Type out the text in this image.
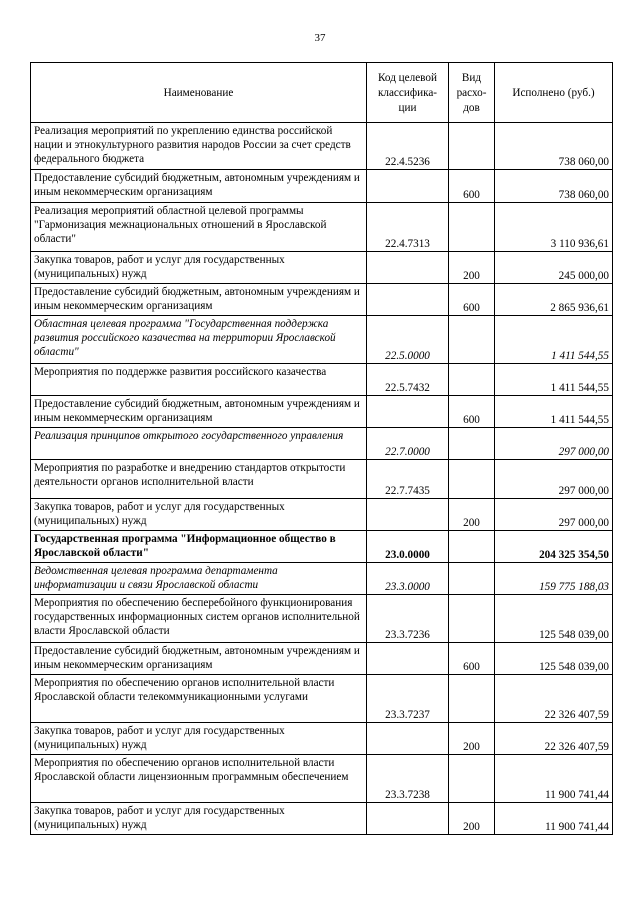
37
Наименование	Код целевой классифика-ции	Вид расхо-дов	Исполнено (руб.)
Реализация мероприятий по укреплению единства российской нации и этнокультурного развития народов России за счет средств федерального бюджета	22.4.5236		738 060,00
Предоставление субсидий бюджетным, автономным учреждениям и иным некоммерческим организациям		600	738 060,00
Реализация мероприятий областной целевой программы "Гармонизация межнациональных отношений в Ярославской области"	22.4.7313		3 110 936,61
Закупка товаров, работ и услуг для государственных (муниципальных) нужд		200	245 000,00
Предоставление субсидий бюджетным, автономным учреждениям и иным некоммерческим организациям		600	2 865 936,61
Областная целевая программа "Государственная поддержка развития российского казачества на территории Ярославской области"	22.5.0000		1 411 544,55
Мероприятия по поддержке развития российского казачества	22.5.7432		1 411 544,55
Предоставление субсидий бюджетным, автономным учреждениям и иным некоммерческим организациям		600	1 411 544,55
Реализация принципов открытого государственного управления	22.7.0000		297 000,00
Мероприятия по разработке и внедрению стандартов открытости деятельности органов исполнительной власти	22.7.7435		297 000,00
Закупка товаров, работ и услуг для государственных (муниципальных) нужд		200	297 000,00
Государственная программа "Информационное общество в Ярославской области"	23.0.0000		204 325 354,50
Ведомственная целевая программа департамента информатизации и связи Ярославской области	23.3.0000		159 775 188,03
Мероприятия по обеспечению бесперебойного функционирования государственных информационных систем органов исполнительной власти Ярославской области	23.3.7236		125 548 039,00
Предоставление субсидий бюджетным, автономным учреждениям и иным некоммерческим организациям		600	125 548 039,00
Мероприятия по обеспечению органов исполнительной власти Ярославской области телекоммуникационными услугами	23.3.7237		22 326 407,59
Закупка товаров, работ и услуг для государственных (муниципальных) нужд		200	22 326 407,59
Мероприятия по обеспечению органов исполнительной власти Ярославской области лицензионным программным обеспечением	23.3.7238		11 900 741,44
Закупка товаров, работ и услуг для государственных (муниципальных) нужд		200	11 900 741,44
